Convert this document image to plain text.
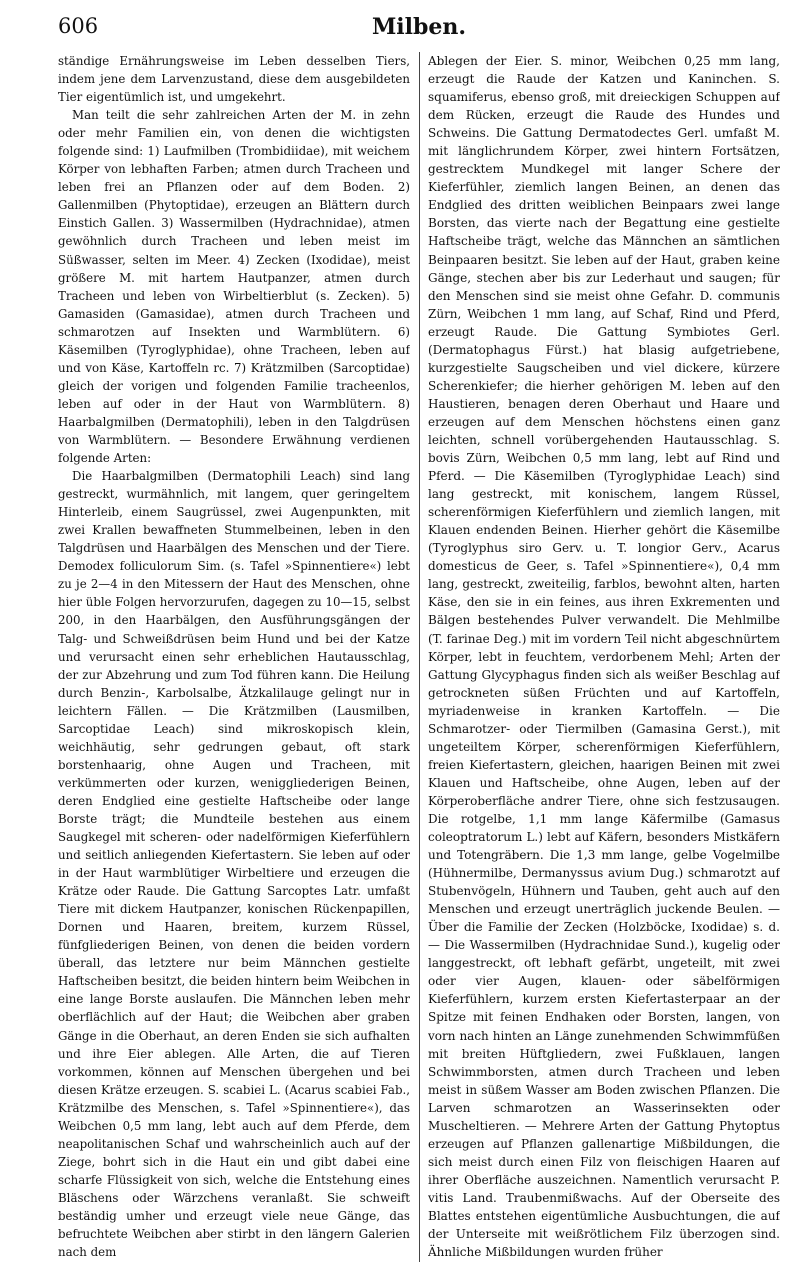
606	Milben.

ständige Ernährungsweise im Leben desselben Tiers, indem jene dem Larvenzustand, diese dem ausgebildeten Tier eigentümlich ist, und umgekehrt.

Man teilt die sehr zahlreichen Arten der M. in zehn oder mehr Familien ein, von denen die wichtigsten folgende sind: 1) Laufmilben (Trombidiidae), mit weichem Körper von lebhaften Farben; atmen durch Tracheen und leben frei an Pflanzen oder auf dem Boden. 2) Gallenmilben (Phytoptidae), erzeugen an Blättern durch Einstich Gallen. 3) Wassermilben (Hydrachnidae), atmen gewöhnlich durch Tracheen und leben meist im Süßwasser, selten im Meer. 4) Zecken (Ixodidae), meist größere M. mit hartem Hautpanzer, atmen durch Tracheen und leben von Wirbeltierblut (s. Zecken). 5) Gamasiden (Gamasidae), atmen durch Tracheen und schmarotzen auf Insekten und Warmblütern. 6) Käsemilben (Tyroglyphidae), ohne Tracheen, leben auf und von Käse, Kartoffeln rc. 7) Krätzmilben (Sarcoptidae) gleich der vorigen und folgenden Familie tracheenlos, leben auf oder in der Haut von Warmblütern. 8) Haarbalgmilben (Dermatophili), leben in den Talgdrüsen von Warmblütern. — Besondere Erwähnung verdienen folgende Arten:

Die Haarbalgmilben (Dermatophili Leach) sind lang gestreckt, wurmähnlich, mit langem, quer geringeltem Hinterleib, einem Saugrüssel, zwei Augenpunkten, mit zwei Krallen bewaffneten Stummelbeinen, leben in den Talgdrüsen und Haarbälgen des Menschen und der Tiere. Demodex folliculorum Sim. (s. Tafel »Spinnentiere«) lebt zu je 2—4 in den Mitessern der Haut des Menschen, ohne hier üble Folgen hervorzurufen, dagegen zu 10—15, selbst 200, in den Haarbälgen, den Ausführungsgängen der Talg- und Schweißdrüsen beim Hund und bei der Katze und verursacht einen sehr erheblichen Hautausschlag, der zur Abzehrung und zum Tod führen kann. Die Heilung durch Benzin-, Karbolsalbe, Ätzkalilauge gelingt nur in leichtern Fällen. — Die Krätzmilben (Lausmilben, Sarcoptidae Leach) sind mikroskopisch klein, weichhäutig, sehr gedrungen gebaut, oft stark borstenhaarig, ohne Augen und Tracheen, mit verkümmerten oder kurzen, weniggliederigen Beinen, deren Endglied eine gestielte Haftscheibe oder lange Borste trägt; die Mundteile bestehen aus einem Saugkegel mit scheren- oder nadelförmigen Kieferfühlern und seitlich anliegenden Kiefertastern. Sie leben auf oder in der Haut warmblütiger Wirbeltiere und erzeugen die Krätze oder Raude. Die Gattung Sarcoptes Latr. umfaßt Tiere mit dickem Hautpanzer, konischen Rückenpapillen, Dornen und Haaren, breitem, kurzem Rüssel, fünfgliederigen Beinen, von denen die beiden vordern überall, das letztere nur beim Männchen gestielte Haftscheiben besitzt, die beiden hintern beim Weibchen in eine lange Borste auslaufen. Die Männchen leben mehr oberflächlich auf der Haut; die Weibchen aber graben Gänge in die Oberhaut, an deren Enden sie sich aufhalten und ihre Eier ablegen. Alle Arten, die auf Tieren vorkommen, können auf Menschen übergehen und bei diesen Krätze erzeugen. S. scabiei L. (Acarus scabiei Fab., Krätzmilbe des Menschen, s. Tafel »Spinnentiere«), das Weibchen 0,5 mm lang, lebt auch auf dem Pferde, dem neapolitanischen Schaf und wahrscheinlich auch auf der Ziege, bohrt sich in die Haut ein und gibt dabei eine scharfe Flüssigkeit von sich, welche die Entstehung eines Bläschens oder Wärzchens veranlaßt. Sie schweift beständig umher und erzeugt viele neue Gänge, das befruchtete Weibchen aber stirbt in den längern Galerien nach dem

Ablegen der Eier. S. minor, Weibchen 0,25 mm lang, erzeugt die Raude der Katzen und Kaninchen. S. squamiferus, ebenso groß, mit dreieckigen Schuppen auf dem Rücken, erzeugt die Raude des Hundes und Schweins. Die Gattung Dermatodectes Gerl. umfaßt M. mit länglichrundem Körper, zwei hintern Fortsätzen, gestrecktem Mundkegel mit langer Schere der Kieferfühler, ziemlich langen Beinen, an denen das Endglied des dritten weiblichen Beinpaars zwei lange Borsten, das vierte nach der Begattung eine gestielte Haftscheibe trägt, welche das Männchen an sämtlichen Beinpaaren besitzt. Sie leben auf der Haut, graben keine Gänge, stechen aber bis zur Lederhaut und saugen; für den Menschen sind sie meist ohne Gefahr. D. communis Zürn, Weibchen 1 mm lang, auf Schaf, Rind und Pferd, erzeugt Raude. Die Gattung Symbiotes Gerl. (Dermatophagus Fürst.) hat blasig aufgetriebene, kurzgestielte Saugscheiben und viel dickere, kürzere Scherenkiefer; die hierher gehörigen M. leben auf den Haustieren, benagen deren Oberhaut und Haare und erzeugen auf dem Menschen höchstens einen ganz leichten, schnell vorübergehenden Hautausschlag. S. bovis Zürn, Weibchen 0,5 mm lang, lebt auf Rind und Pferd. — Die Käsemilben (Tyroglyphidae Leach) sind lang gestreckt, mit konischem, langem Rüssel, scherenförmigen Kieferfühlern und ziemlich langen, mit Klauen endenden Beinen. Hierher gehört die Käsemilbe (Tyroglyphus siro Gerv. u. T. longior Gerv., Acarus domesticus de Geer, s. Tafel »Spinnentiere«), 0,4 mm lang, gestreckt, zweiteilig, farblos, bewohnt alten, harten Käse, den sie in ein feines, aus ihren Exkrementen und Bälgen bestehendes Pulver verwandelt. Die Mehlmilbe (T. farinae Deg.) mit im vordern Teil nicht abgeschnürtem Körper, lebt in feuchtem, verdorbenem Mehl; Arten der Gattung Glycyphagus finden sich als weißer Beschlag auf getrockneten süßen Früchten und auf Kartoffeln, myriadenweise in kranken Kartoffeln. — Die Schmarotzer- oder Tiermilben (Gamasina Gerst.), mit ungeteiltem Körper, scherenförmigen Kieferfühlern, freien Kiefertastern, gleichen, haarigen Beinen mit zwei Klauen und Haftscheibe, ohne Augen, leben auf der Körperoberfläche andrer Tiere, ohne sich festzusaugen. Die rotgelbe, 1,1 mm lange Käfermilbe (Gamasus coleoptratorum L.) lebt auf Käfern, besonders Mistkäfern und Totengräbern. Die 1,3 mm lange, gelbe Vogelmilbe (Hühnermilbe, Dermanyssus avium Dug.) schmarotzt auf Stubenvögeln, Hühnern und Tauben, geht auch auf den Menschen und erzeugt unerträglich juckende Beulen. — Über die Familie der Zecken (Holzböcke, Ixodidae) s. d. — Die Wassermilben (Hydrachnidae Sund.), kugelig oder langgestreckt, oft lebhaft gefärbt, ungeteilt, mit zwei oder vier Augen, klauen- oder säbelförmigen Kieferfühlern, kurzem ersten Kiefertasterpaar an der Spitze mit feinen Endhaken oder Borsten, langen, von vorn nach hinten an Länge zunehmenden Schwimmfüßen mit breiten Hüftgliedern, zwei Fußklauen, langen Schwimmborsten, atmen durch Tracheen und leben meist in süßem Wasser am Boden zwischen Pflanzen. Die Larven schmarotzen an Wasserinsekten oder Muscheltieren. — Mehrere Arten der Gattung Phytoptus erzeugen auf Pflanzen gallenartige Mißbildungen, die sich meist durch einen Filz von fleischigen Haaren auf ihrer Oberfläche auszeichnen. Namentlich verursacht P. vitis Land. Traubenmißwachs. Auf der Oberseite des Blattes entstehen eigentümliche Ausbuchtungen, die auf der Unterseite mit weißrötlichem Filz überzogen sind. Ähnliche Mißbildungen wurden früher
